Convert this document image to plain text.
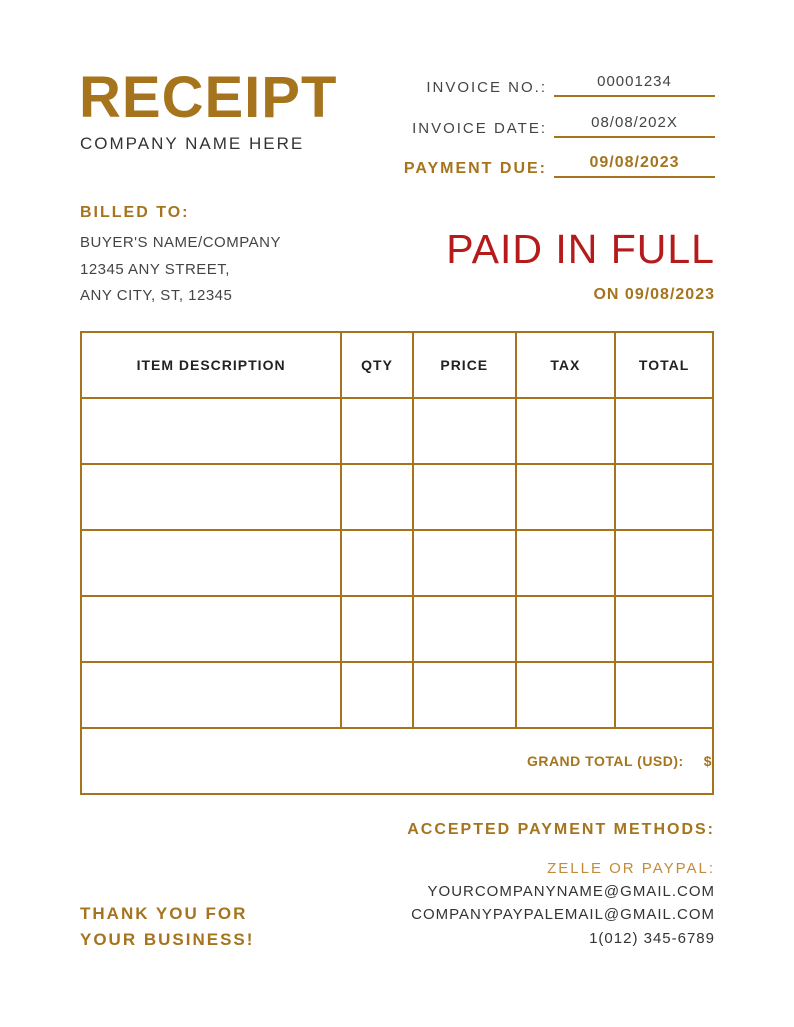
RECEIPT
COMPANY NAME HERE
INVOICE NO.:	00001234
INVOICE DATE:	08/08/202X
PAYMENT DUE:	09/08/2023
BILLED TO:
BUYER'S NAME/COMPANY
12345 ANY STREET,
ANY CITY, ST, 12345
PAID IN FULL
ON 09/08/2023
ITEM DESCRIPTION	QTY	PRICE	TAX	TOTAL

GRAND TOTAL (USD): $				
ACCEPTED PAYMENT METHODS:
ZELLE OR PAYPAL:
YOURCOMPANYNAME@GMAIL.COM
COMPANYPAYPALEMAIL@GMAIL.COM
1(012) 345-6789
THANK YOU FOR
YOUR BUSINESS!
